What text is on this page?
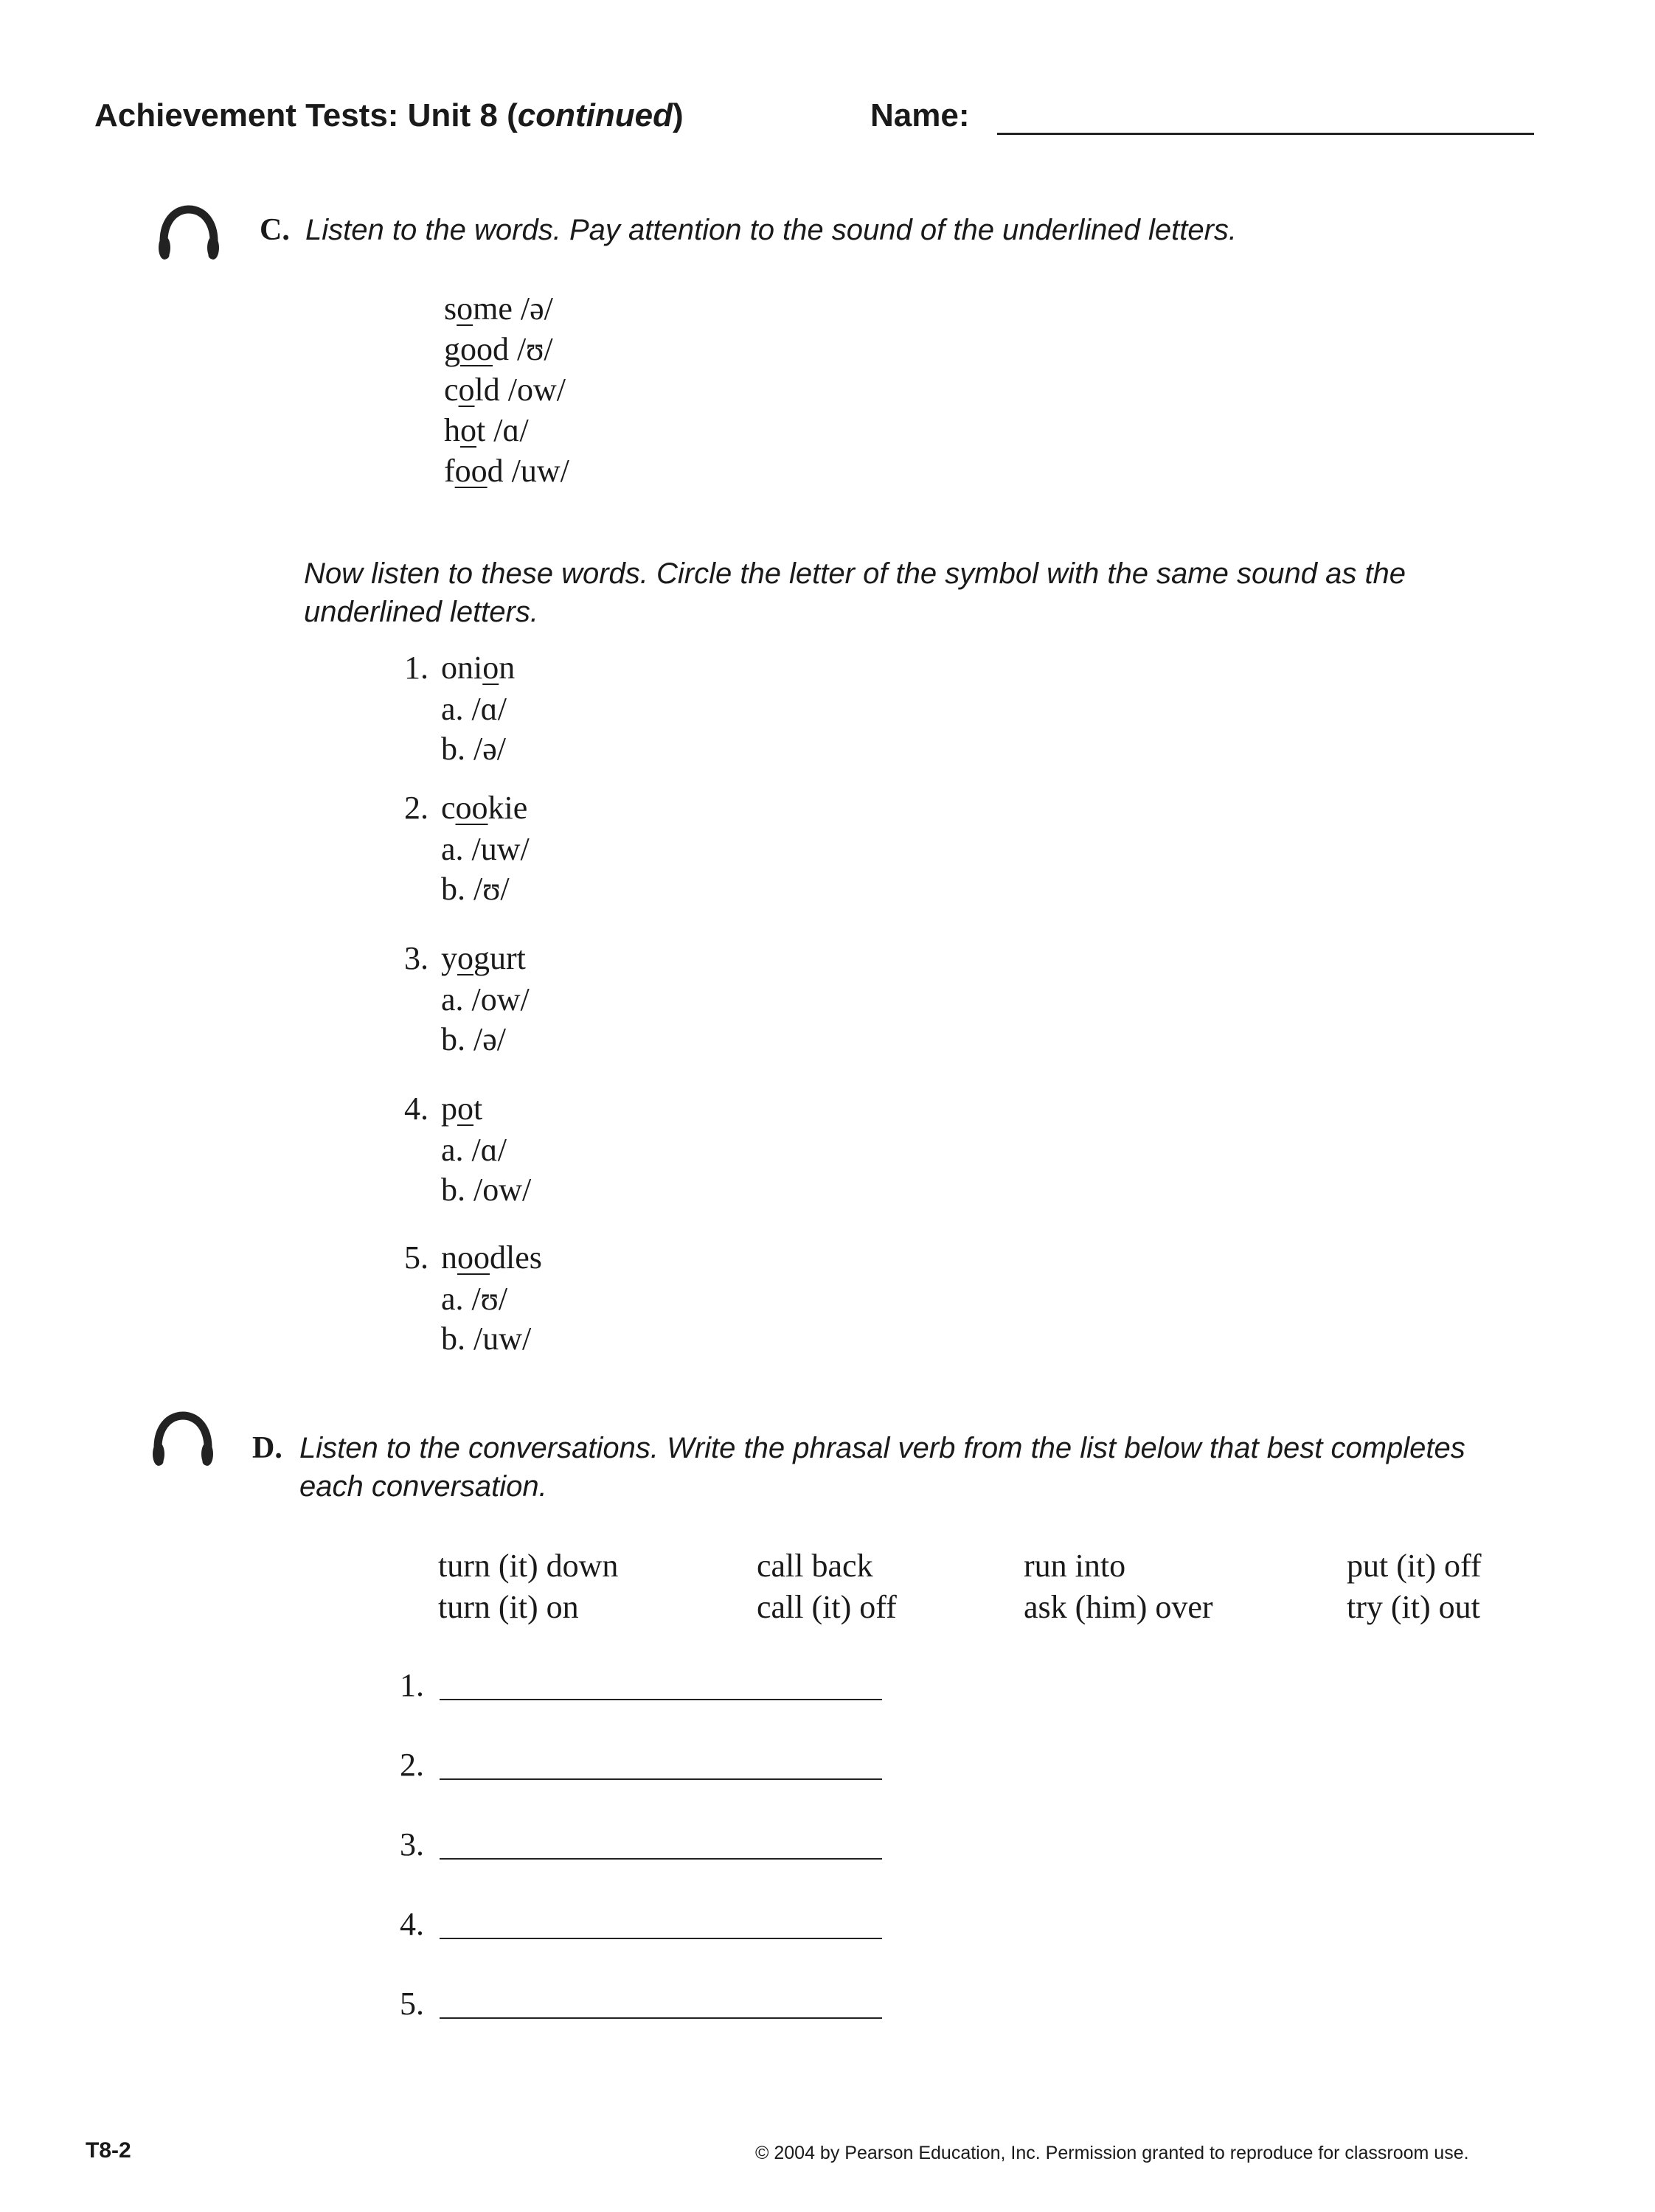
Achievement Tests: Unit 8 (continued)	Name:
C. Listen to the words. Pay attention to the sound of the underlined letters.
some /ə/
good /ʊ/
cold /ow/
hot /ɑ/
food /uw/
Now listen to these words. Circle the letter of the symbol with the same sound as the
underlined letters.
1. onion
a. /ɑ/
b. /ə/
2. cookie
a. /uw/
b. /ʊ/
3. yogurt
a. /ow/
b. /ə/
4. pot
a. /ɑ/
b. /ow/
5. noodles
a. /ʊ/
b. /uw/
D. Listen to the conversations. Write the phrasal verb from the list below that best completes
each conversation.
turn (it) down
turn (it) on
call back
call (it) off
run into
ask (him) over
put (it) off
try (it) out
1.
2.
3.
4.
5.
T8-2	© 2004 by Pearson Education, Inc. Permission granted to reproduce for classroom use.
